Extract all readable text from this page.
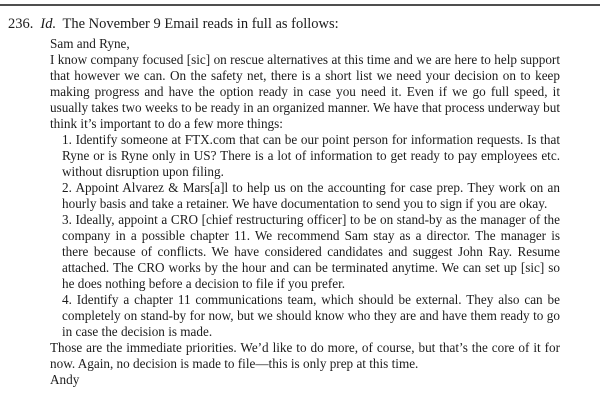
236. Id. The November 9 Email reads in full as follows:
Sam and Ryne,
I know company focused [sic] on rescue alternatives at this time and we are here to help support that however we can. On the safety net, there is a short list we need your decision on to keep making progress and have the option ready in case you need it. Even if we go full speed, it usually takes two weeks to be ready in an organized manner. We have that process underway but think it’s important to do a few more things:
1. Identify someone at FTX.com that can be our point person for information requests. Is that Ryne or is Ryne only in US? There is a lot of information to get ready to pay employees etc. without disruption upon filing.
2. Appoint Alvarez & Mars[a]l to help us on the accounting for case prep. They work on an hourly basis and take a retainer. We have documentation to send you to sign if you are okay.
3. Ideally, appoint a CRO [chief restructuring officer] to be on stand-by as the manager of the company in a possible chapter 11. We recommend Sam stay as a director. The manager is there because of conflicts. We have considered candidates and suggest John Ray. Resume attached. The CRO works by the hour and can be terminated anytime. We can set up [sic] so he does nothing before a decision to file if you prefer.
4. Identify a chapter 11 communications team, which should be external. They also can be completely on stand-by for now, but we should know who they are and have them ready to go in case the decision is made.
Those are the immediate priorities. We’d like to do more, of course, but that’s the core of it for now. Again, no decision is made to file—this is only prep at this time.
Andy
